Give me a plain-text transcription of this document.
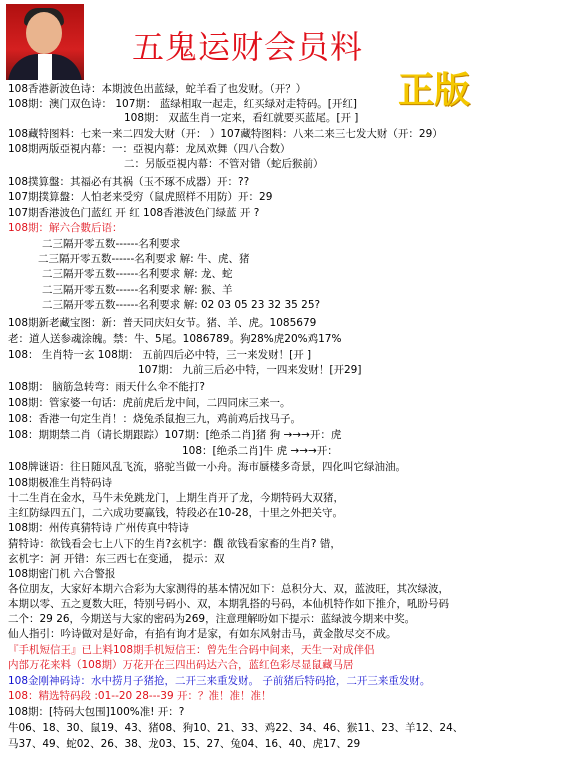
五鬼运财会员料
正版
108香港新波色诗：本期波色出蓝绿，蛇羊看了也发财。（开？）
108期：澳门双色诗： 107期： 蓝绿相取一起走，红买绿对走特码。[开红]
108期： 双蓝生肖一定来，看红就要买蓝尾。[开 ]
108藏特图料：七来一来二四发大财（开： ）107藏特图料：八来二来三七发大财（开：29）
108期两版亞視内幕：一：亞視内幕：龙凤欢舞（四八合数）
二：另版亞視内幕：不管对错（蛇后猴前）
108撲算盤：其福必有其祸（玉不琢不成器）开：??
107期撲算盤：人怕老来受穷（鼠虎照样不用防）开：29
107期香港波色门蓝红 开 红 108香港波色门绿蓝 开 ?
108期：解六合數后语：
二三隔开零五数------名利要求
二三隔开零五数------名利要求 解: 牛、虎、猪
二三隔开零五数------名利要求 解: 龙、蛇
二三隔开零五数------名利要求 解: 猴、羊
二三隔开零五数------名利要求 解: 02 03 05 23 32 35 25?
108期新老藏宝图：新：普天同庆妇女节。猪、羊、虎。1085679
老：道人送参魂涂魄。禁：牛、5尾。1086789。狗28%虎20%鸡17%
108： 生肖特一玄 108期： 五前四后必中特，三一来发财！[开 ]
107期： 九前三后必中特，一四来发财！[开29]
108期： 脑筋急转弯：雨天什么伞不能打?
108期：管家婆一句话：虎前虎后龙中间，二四同床三来一。
108：香港一句定生肖！：烧兔杀鼠抱三九，鸡前鸡后找马子。
108：期期禁二肖（请长期跟踪）107期：[绝杀二肖]猪 狗 →→→开：虎
108：[绝杀二肖]牛 虎 →→→开：
108牌谜语：往日随风乱飞流，骆驼当做一小舟。海市蜃楼多奇景，四化叫它绿油油。
108期极准生肖特码诗
十二生肖在金水，马牛未免跳龙门，上期生肖开了龙，今期特码大双猪，
主红防绿四五门，二六成功要赢钱，特段必在10-28，十里之外把关守。
108期：州传真猜特诗 广州传真中特诗
猜特诗：欲钱看会七上八下的生肖?玄机字：觀 欲钱看家畜的生肖? 错，
玄机字：訶 开错：东三西七在变通， 提示：双
108期密门机 六合警报
各位朋友，大家好本期六合彩为大家测得的基本情况如下：总积分大、双，蓝波旺，其次绿波，
本期以零、五之夏数大旺，特别号码小、双，本期乳搭的号码，本仙机特作如下推介，吼盼号码
二个：29 26，今期送与大家的密码为269，注意理解吩如下提示：蓝绿波今期来中奖。
仙人指引：吟诗做对是好命，有掐有询才是家，有如东风射击马，黄金散尽交不成。
『手机短信王』已上料108期手机短信王：曾先生合码中间来，天生一对成伴侣
内部万花来料（108期）万花开在三四出码达六合，蓝红色彩尽显鼠藏马居
108金刚神码诗：水中捞月子猪抢，二开三来重发财。 子前猪后特码抢，二开三来重发财。
108：精选特码段 :01--20 28---39 开：？准！准！准！
108期：[特码大包围]100%准! 开：?
牛06、18、30、鼠19、43、猪08、狗10、21、33、鸡22、34、46、猴11、23、羊12、24、
马37、49、蛇02、26、38、龙03、15、27、兔04、16、40、虎17、29
